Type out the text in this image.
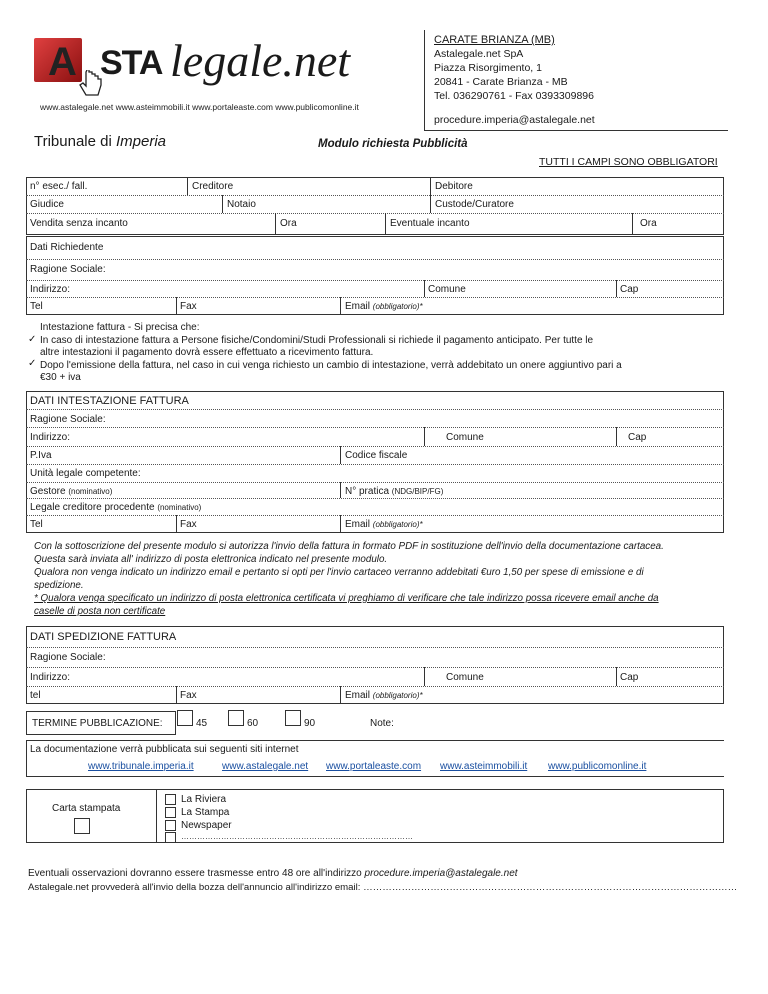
A STA legale.net
www.astalegale.net www.asteimmobili.it www.portaleaste.com www.publicomonline.it
CARATE BRIANZA (MB)
Astalegale.net SpA
Piazza Risorgimento, 1
20841 - Carate Brianza - MB
Tel. 036290761 - Fax 0393309896
procedure.imperia@astalegale.net
Tribunale di Imperia	Modulo richiesta Pubblicità
TUTTI I CAMPI SONO OBBLIGATORI
n° esec./ fall.	Creditore	Debitore
Giudice	Notaio	Custode/Curatore
Vendita senza incanto	Ora	Eventuale incanto	Ora
Dati Richiedente
Ragione Sociale:
Indirizzo:	Comune	Cap
Tel	Fax	Email (obbligatorio)*
Intestazione fattura - Si precisa che:
✓ In caso di intestazione fattura a Persone fisiche/Condomini/Studi Professionali si richiede il pagamento anticipato. Per tutte le
altre intestazioni il pagamento dovrà essere effettuato a ricevimento fattura.
✓ Dopo l'emissione della fattura, nel caso in cui venga richiesto un cambio di intestazione, verrà addebitato un onere aggiuntivo pari a
€30 + iva
DATI INTESTAZIONE FATTURA
Ragione Sociale:
Indirizzo:	Comune	Cap
P.Iva	Codice fiscale
Unità legale competente:
Gestore (nominativo)	N° pratica (NDG/BIP/FG)
Legale creditore procedente (nominativo)
Tel	Fax	Email (obbligatorio)*
Con la sottoscrizione del presente modulo si autorizza l'invio della fattura in formato PDF in sostituzione dell'invio della documentazione cartacea.
Questa sarà inviata all' indirizzo di posta elettronica indicato nel presente modulo.
Qualora non venga indicato un indirizzo email e pertanto si opti per l'invio cartaceo verranno addebitati €uro 1,50 per spese di emissione e di
spedizione.
* Qualora venga specificato un indirizzo di posta elettronica certificata vi preghiamo di verificare che tale indirizzo possa ricevere email anche da
caselle di posta non certificate
DATI SPEDIZIONE FATTURA
Ragione Sociale:
Indirizzo:	Comune	Cap
tel	Fax	Email (obbligatorio)*
TERMINE PUBBLICAZIONE:	45	60	90	Note:
La documentazione verrà pubblicata sui seguenti siti internet
www.tribunale.imperia.it	www.astalegale.net www.portaleaste.com www.asteimmobili.it www.publicomonline.it
Carta stampata
La Riviera
La Stampa
Newspaper
……………………………………………………………………………
Eventuali osservazioni dovranno essere trasmesse entro 48 ore all'indirizzo procedure.imperia@astalegale.net
Astalegale.net provvederà all'invio della bozza dell'annuncio all'indirizzo email: ………………………………………………………………………………………………………
